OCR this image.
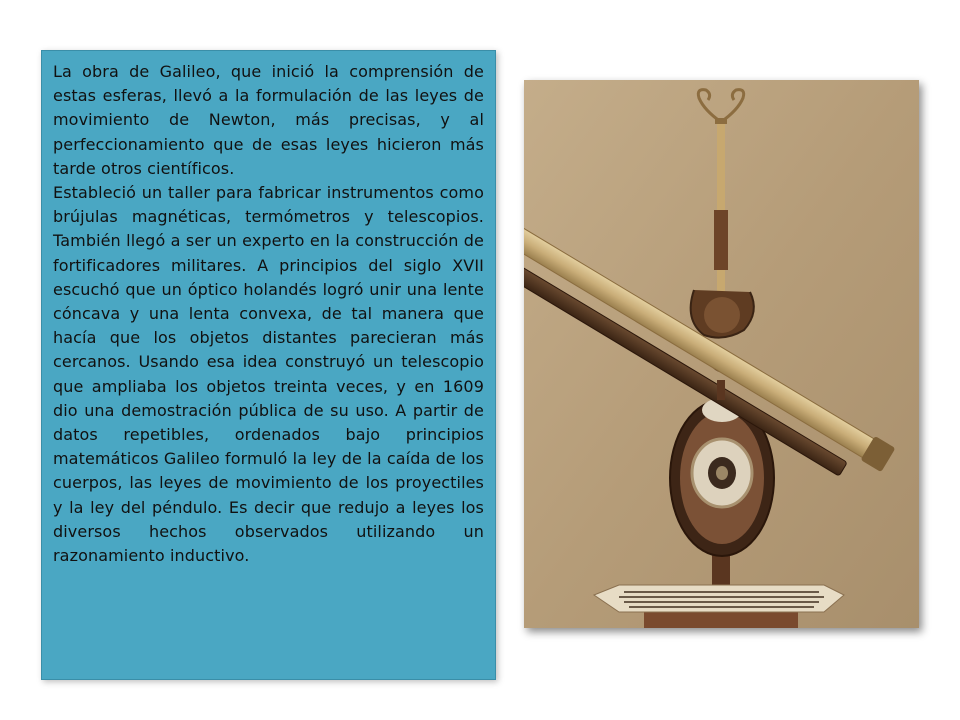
La obra de Galileo, que inició la comprensión de estas esferas, llevó a la formulación de las leyes de movimiento de Newton, más precisas, y al perfeccionamiento que de esas leyes hicieron más tarde otros científicos.

Estableció un taller para fabricar instrumentos como brújulas magnéticas, termómetros y telescopios. También llegó a ser un experto en la construcción de fortificadores militares. A principios del siglo XVII escuchó que un óptico holandés logró unir una lente cóncava y una lenta convexa, de tal manera que hacía que los objetos distantes parecieran más cercanos. Usando esa idea construyó un telescopio que ampliaba los objetos treinta veces, y en 1609 dio una demostración pública de su uso. A partir de datos repetibles, ordenados bajo principios matemáticos Galileo formuló la ley de la caída de los cuerpos, las leyes de movimiento de los proyectiles y la ley del péndulo. Es decir que redujo a leyes los diversos hechos observados utilizando un razonamiento inductivo.
